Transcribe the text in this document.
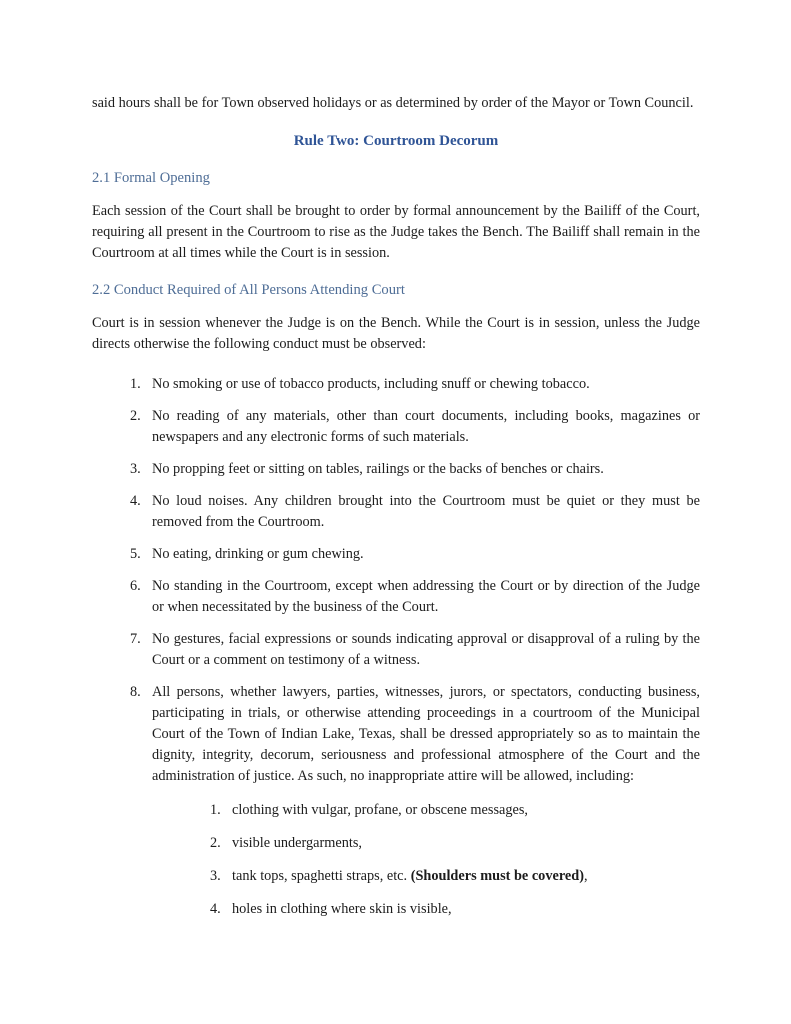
said hours shall be for Town observed holidays or as determined by order of the Mayor or Town Council.

Rule Two: Courtroom Decorum
2.1 Formal Opening

Each session of the Court shall be brought to order by formal announcement by the Bailiff of the Court, requiring all present in the Courtroom to rise as the Judge takes the Bench. The Bailiff shall remain in the Courtroom at all times while the Court is in session.

2.2 Conduct Required of All Persons Attending Court

Court is in session whenever the Judge is on the Bench. While the Court is in session, unless the Judge directs otherwise the following conduct must be observed:

1. No smoking or use of tobacco products, including snuff or chewing tobacco.
2. No reading of any materials, other than court documents, including books, magazines or newspapers and any electronic forms of such materials.
3. No propping feet or sitting on tables, railings or the backs of benches or chairs.
4. No loud noises. Any children brought into the Courtroom must be quiet or they must be removed from the Courtroom.
5. No eating, drinking or gum chewing.
6. No standing in the Courtroom, except when addressing the Court or by direction of the Judge or when necessitated by the business of the Court.
7. No gestures, facial expressions or sounds indicating approval or disapproval of a ruling by the Court or a comment on testimony of a witness.
8. All persons, whether lawyers, parties, witnesses, jurors, or spectators, conducting business, participating in trials, or otherwise attending proceedings in a courtroom of the Municipal Court of the Town of Indian Lake, Texas, shall be dressed appropriately so as to maintain the dignity, integrity, decorum, seriousness and professional atmosphere of the Court and the administration of justice. As such, no inappropriate attire will be allowed, including:
1. clothing with vulgar, profane, or obscene messages,
2. visible undergarments,
3. tank tops, spaghetti straps, etc. (Shoulders must be covered),
4. holes in clothing where skin is visible,
